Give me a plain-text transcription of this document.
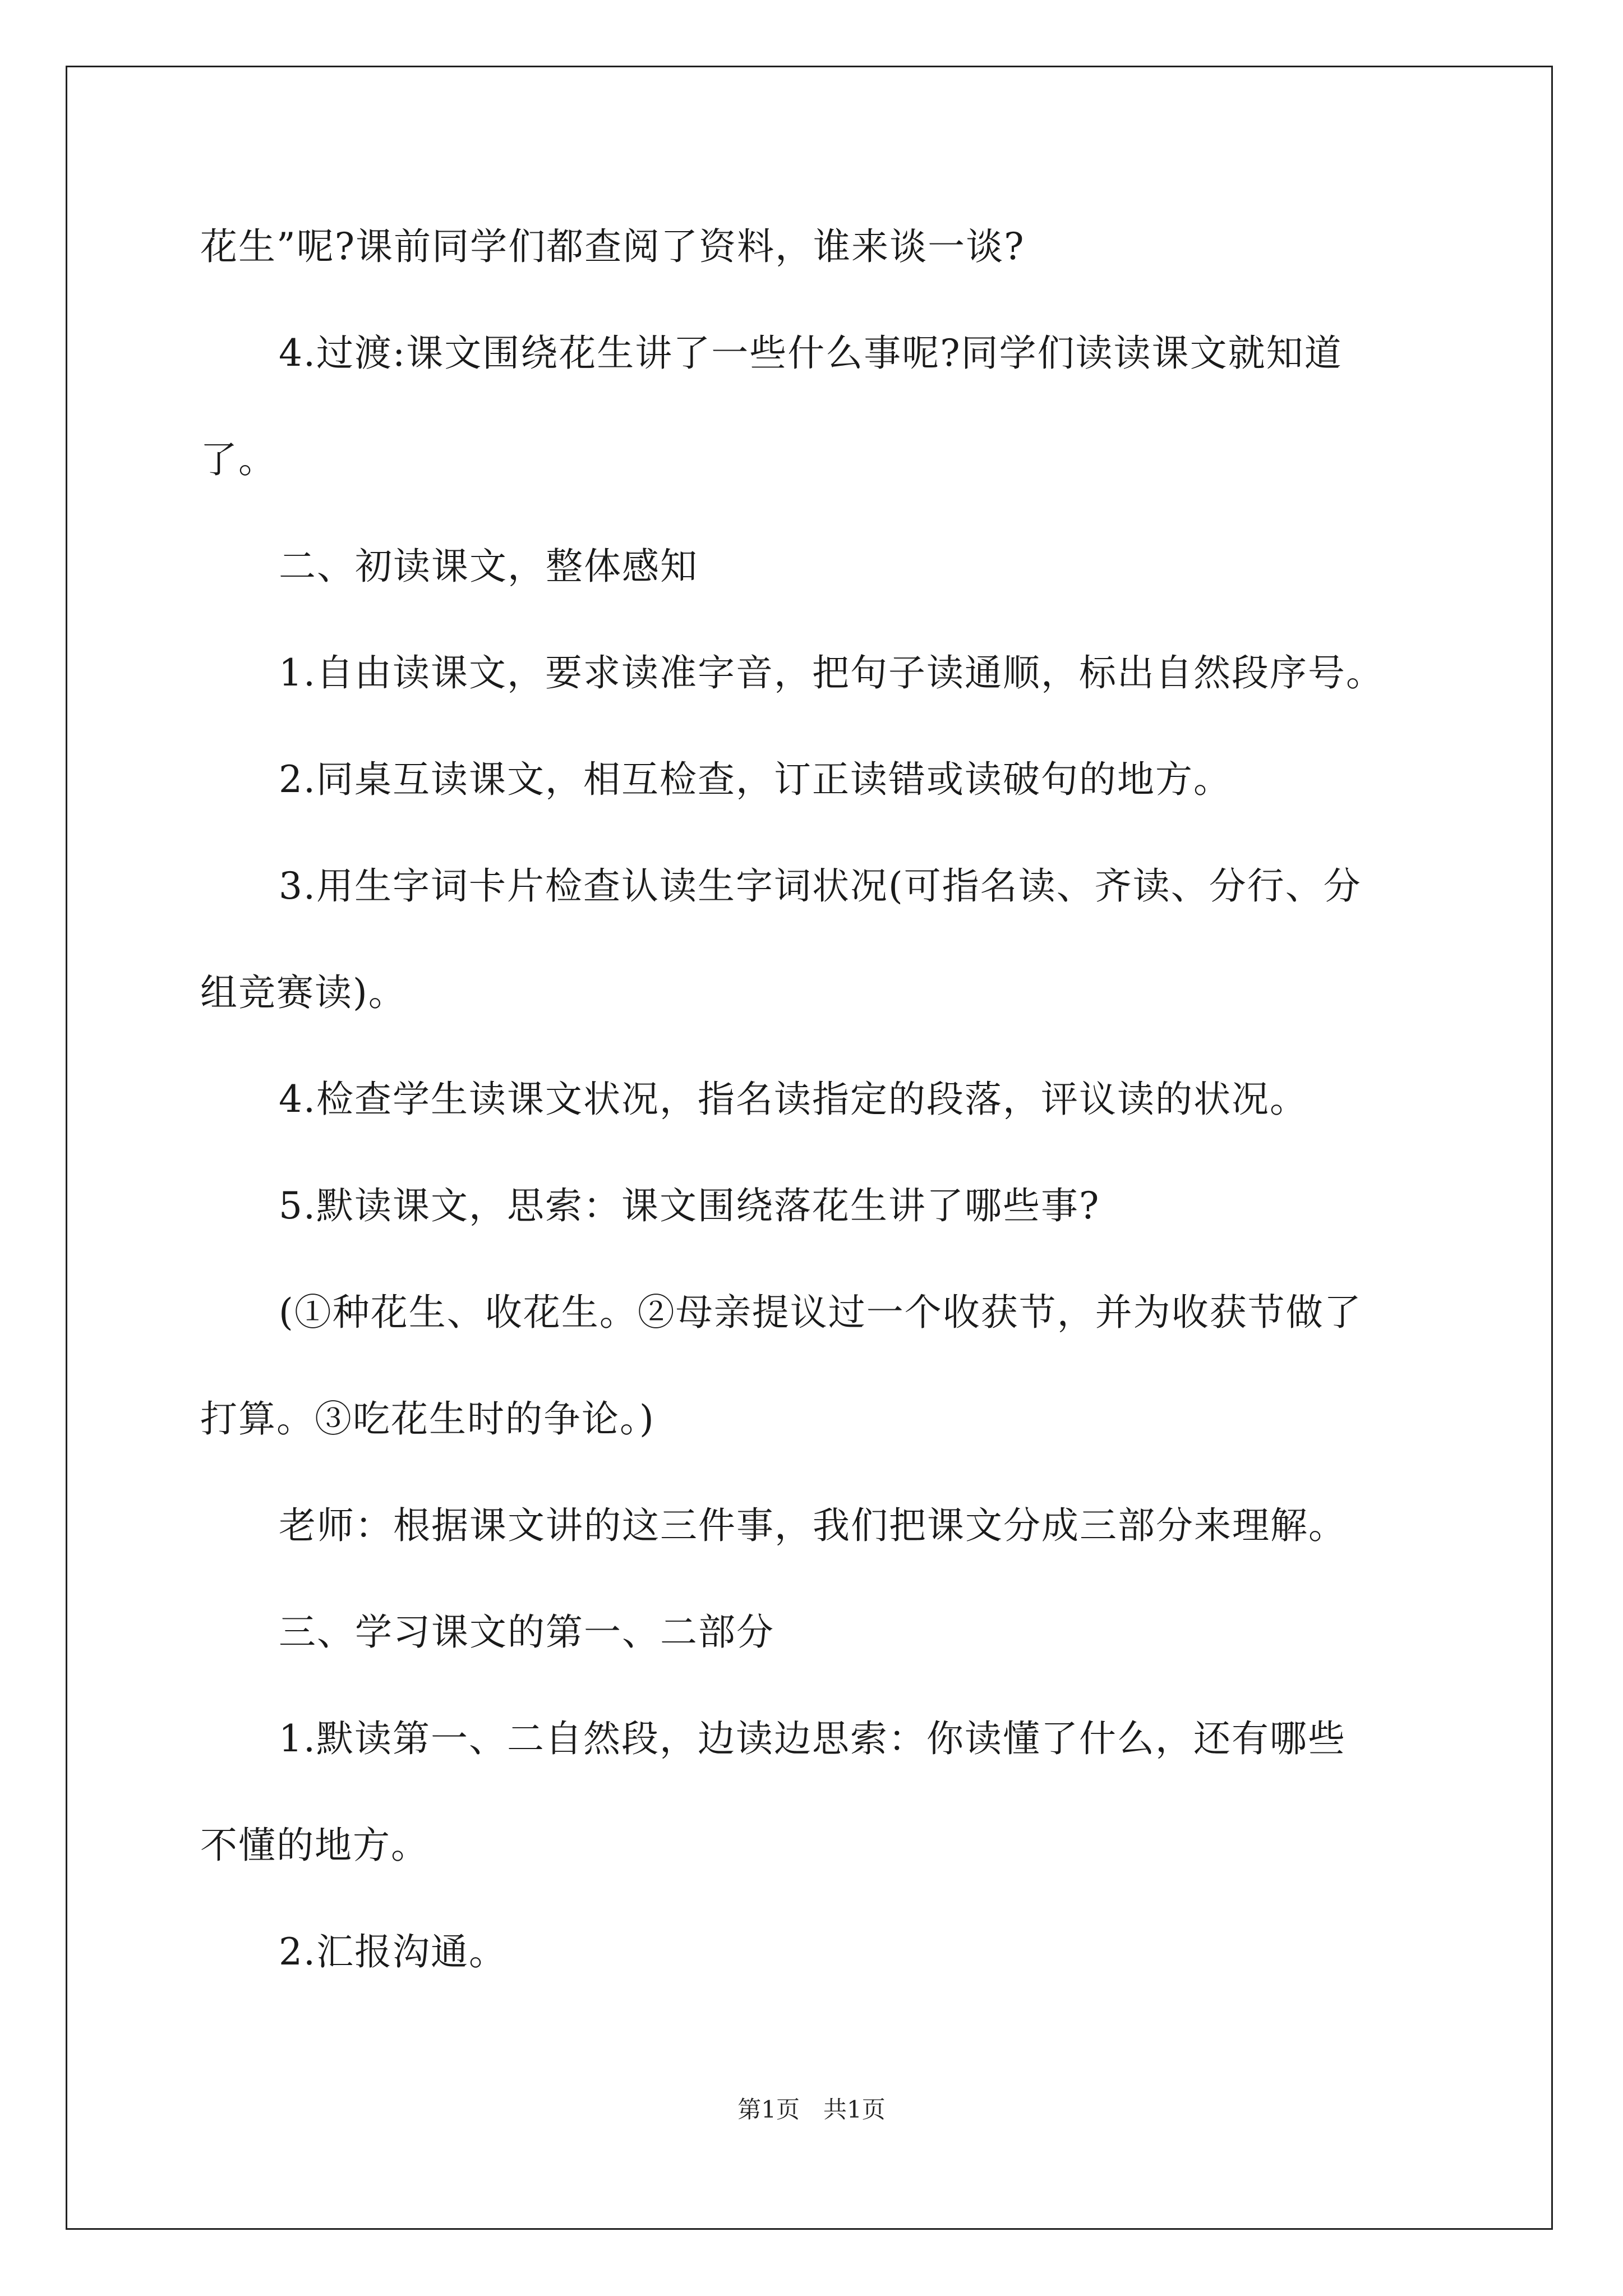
花生”呢?课前同学们都查阅了资料，谁来谈一谈?
4.过渡:课文围绕花生讲了一些什么事呢?同学们读读课文就知道
了。
二、初读课文，整体感知
1.自由读课文，要求读准字音，把句子读通顺，标出自然段序号。
2.同桌互读课文，相互检查，订正读错或读破句的地方。
3.用生字词卡片检查认读生字词状况(可指名读、齐读、分行、分
组竞赛读)。
4.检查学生读课文状况，指名读指定的段落，评议读的状况。
5.默读课文，思索：课文围绕落花生讲了哪些事?
(①种花生、收花生。②母亲提议过一个收获节，并为收获节做了
打算。③吃花生时的争论。)
老师：根据课文讲的这三件事，我们把课文分成三部分来理解。
三、学习课文的第一、二部分
1.默读第一、二自然段，边读边思索：你读懂了什么，还有哪些
不懂的地方。
2.汇报沟通。
第1页　共1页
